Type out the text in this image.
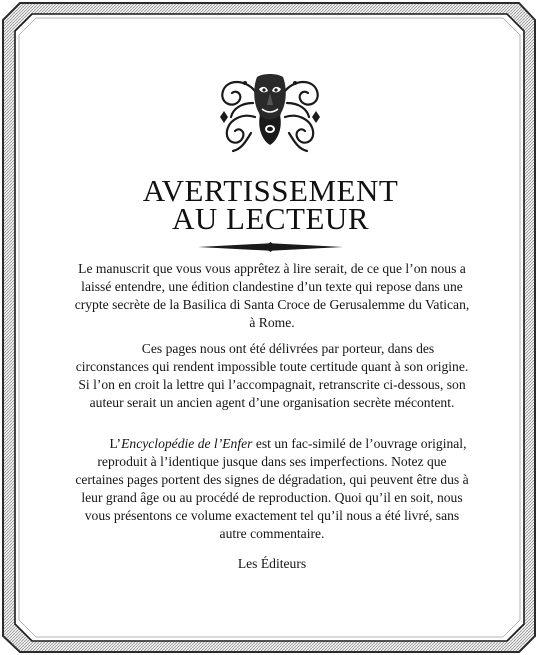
AVERTISSEMENT
AU LECTEUR

Le manuscrit que vous vous apprêtez à lire serait, de ce que l’on nous a laissé entendre, une édition clandestine d’un texte qui repose dans une crypte secrète de la Basilica di Santa Croce de Gerusalemme du Vatican, à Rome.

Ces pages nous ont été délivrées par porteur, dans des circonstances qui rendent impossible toute certitude quant à son origine. Si l’on en croit la lettre qui l’accompagnait, retranscrite ci-dessous, son auteur serait un ancien agent d’une organisation secrète mécontent.

L’Encyclopédie de l’Enfer est un fac-similé de l’ouvrage original, reproduit à l’identique jusque dans ses imperfections. Notez que certaines pages portent des signes de dégradation, qui peuvent être dus à leur grand âge ou au procédé de reproduction. Quoi qu’il en soit, nous vous présentons ce volume exactement tel qu’il nous a été livré, sans autre commentaire.

Les Éditeurs
